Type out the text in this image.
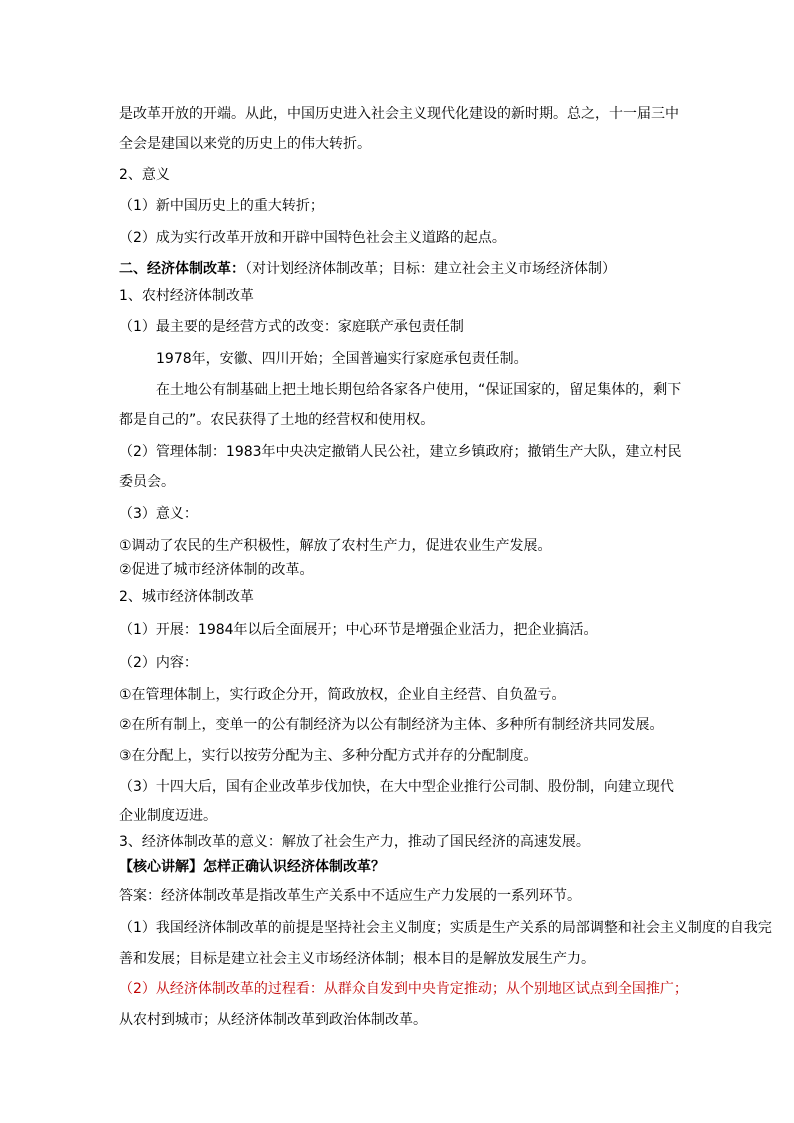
是改革开放的开端。从此，中国历史进入社会主义现代化建设的新时期。总之，十一届三中
全会是建国以来党的历史上的伟大转折。
2、意义
（1）新中国历史上的重大转折；
（2）成为实行改革开放和开辟中国特色社会主义道路的起点。
二、经济体制改革：（对计划经济体制改革；目标：建立社会主义市场经济体制）
1、农村经济体制改革
（1）最主要的是经营方式的改变：家庭联产承包责任制
1978年，安徽、四川开始；全国普遍实行家庭承包责任制。
在土地公有制基础上把土地长期包给各家各户使用，“保证国家的，留足集体的，剩下
都是自己的”。农民获得了土地的经营权和使用权。
（2）管理体制：1983年中央决定撤销人民公社，建立乡镇政府；撤销生产大队，建立村民
委员会。
（3）意义：
①调动了农民的生产积极性，解放了农村生产力，促进农业生产发展。
②促进了城市经济体制的改革。
2、城市经济体制改革
（1）开展：1984年以后全面展开；中心环节是增强企业活力，把企业搞活。
（2）内容：
①在管理体制上，实行政企分开，简政放权，企业自主经营、自负盈亏。
②在所有制上，变单一的公有制经济为以公有制经济为主体、多种所有制经济共同发展。
③在分配上，实行以按劳分配为主、多种分配方式并存的分配制度。
（3）十四大后，国有企业改革步伐加快，在大中型企业推行公司制、股份制，向建立现代
企业制度迈进。
3、经济体制改革的意义：解放了社会生产力，推动了国民经济的高速发展。
【核心讲解】怎样正确认识经济体制改革？
答案：经济体制改革是指改革生产关系中不适应生产力发展的一系列环节。
（1）我国经济体制改革的前提是坚持社会主义制度；实质是生产关系的局部调整和社会主义制度的自我完
善和发展；目标是建立社会主义市场经济体制；根本目的是解放发展生产力。
（2）从经济体制改革的过程看：从群众自发到中央肯定推动；从个别地区试点到全国推广；
从农村到城市；从经济体制改革到政治体制改革。
